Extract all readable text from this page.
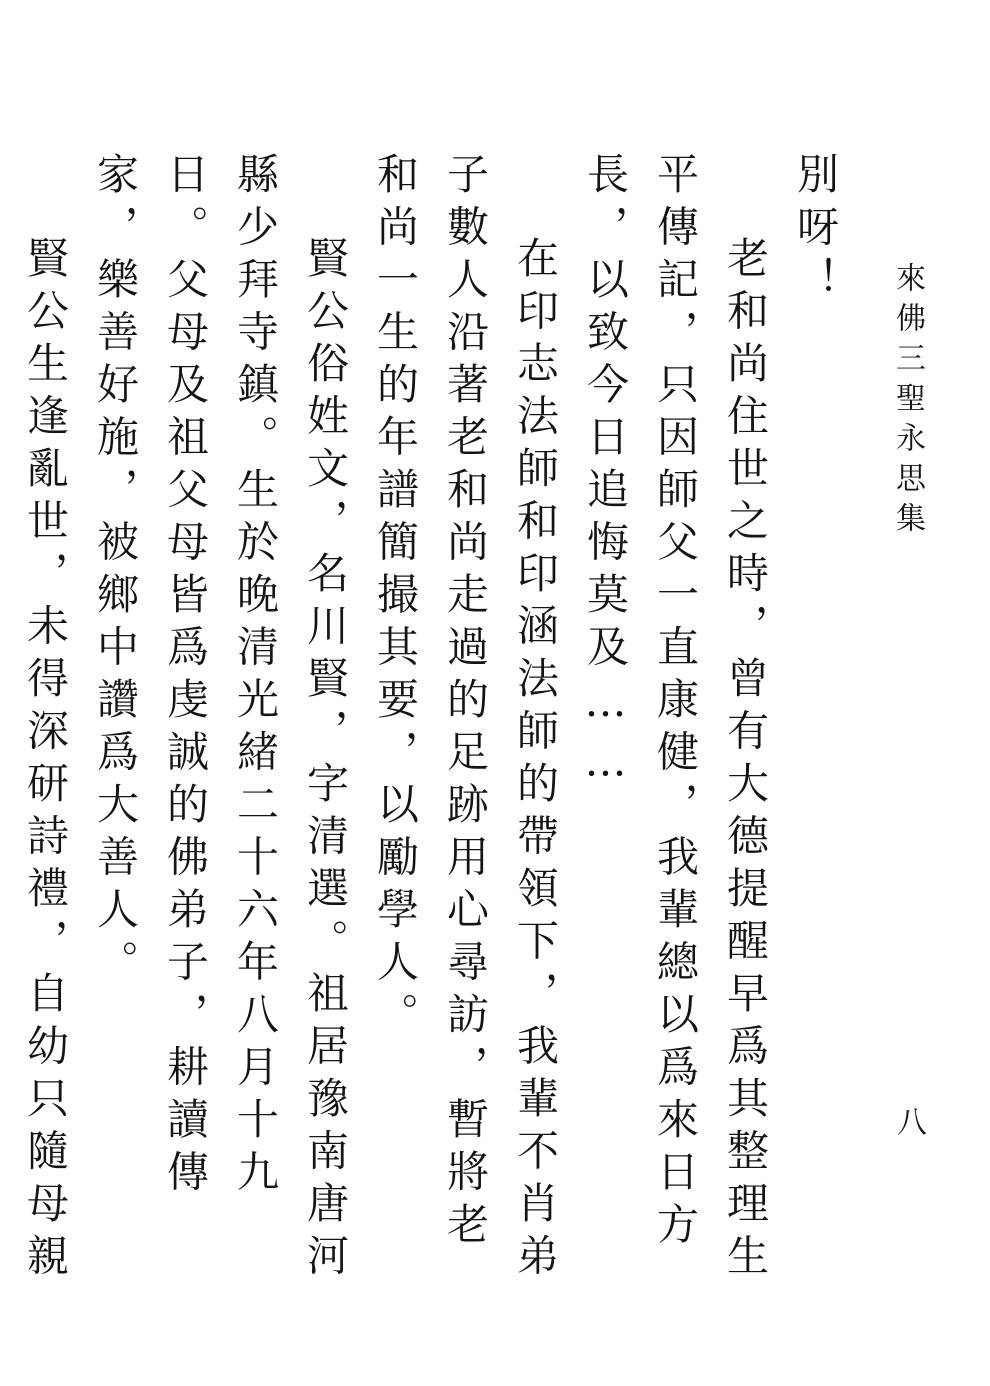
來佛三聖永思集
八

別呀！

老和尚住世之時，曾有大德提醒早爲其整理生平傳記，只因師父一直康健，我輩總以爲來日方長，以致今日追悔莫及……

在印志法師和印涵法師的帶領下，我輩不肖弟子數人沿著老和尚走過的足跡用心尋訪，暫將老和尚一生的年譜簡撮其要，以勵學人。

賢公俗姓文，名川賢，字清選。祖居豫南唐河縣少拜寺鎮。生於晚清光緒二十六年八月十九日。父母及祖父母皆爲虔誠的佛弟子，耕讀傳家，樂善好施，被鄉中讚爲大善人。

賢公生逢亂世，未得深研詩禮，自幼只隨母親
